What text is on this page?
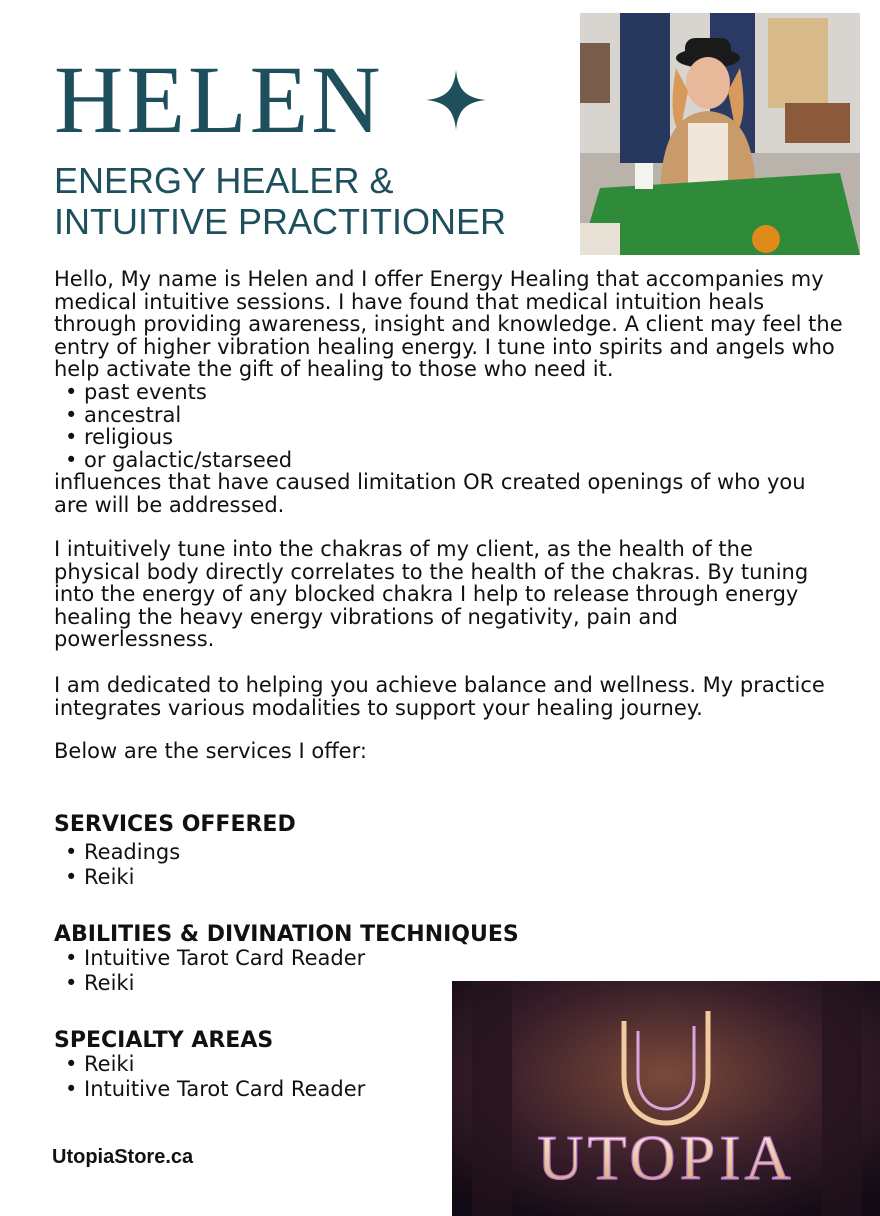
HELEN
ENERGY HEALER &
INTUITIVE PRACTITIONER

Hello, My name is Helen and I offer Energy Healing that accompanies my medical intuitive sessions. I have found that medical intuition heals through providing awareness, insight and knowledge. A client may feel the entry of higher vibration healing energy. I tune into spirits and angels who help activate the gift of healing to those who need it.

• past events
• ancestral
• religious
• or galactic/starseed

influences that have caused limitation OR created openings of who you are will be addressed.

I intuitively tune into the chakras of my client, as the health of the physical body directly correlates to the health of the chakras. By tuning into the energy of any blocked chakra I help to release through energy healing the heavy energy vibrations of negativity, pain and powerlessness.

I am dedicated to helping you achieve balance and wellness. My practice integrates various modalities to support your healing journey.

Below are the services I offer:

SERVICES OFFERED
• Readings
• Reiki
ABILITIES & DIVINATION TECHNIQUES
• Intuitive Tarot Card Reader
• Reiki
SPECIALTY AREAS
• Reiki
• Intuitive Tarot Card Reader
UtopiaStore.ca	UTOPIA
